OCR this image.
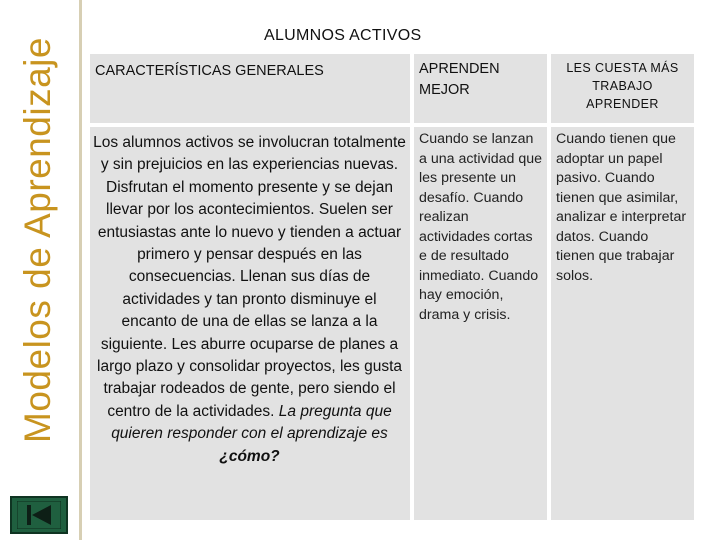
Modelos de Aprendizaje
ALUMNOS ACTIVOS
CARACTERÍSTICAS GENERALES	APRENDEN MEJOR
LES CUESTA MÁS TRABAJO APRENDER
Los alumnos activos se involucran totalmente y sin prejuicios en las experiencias nuevas. Disfrutan el momento presente y se dejan llevar por los acontecimientos. Suelen ser entusiastas ante lo nuevo y tienden a actuar primero y pensar después en las consecuencias. Llenan sus días de actividades y tan pronto disminuye el encanto de una de ellas se lanza a la siguiente. Les aburre ocuparse de planes a largo plazo y consolidar proyectos, les gusta trabajar rodeados de gente, pero siendo el centro de la actividades. La pregunta que quieren responder con el aprendizaje es ¿cómo?
Cuando se lanzan a una actividad que les presente un desafío. Cuando realizan actividades cortas e de resultado inmediato. Cuando hay emoción, drama y crisis.
Cuando tienen que adoptar un papel pasivo. Cuando tienen que asimilar, analizar e interpretar datos. Cuando tienen que trabajar solos.
